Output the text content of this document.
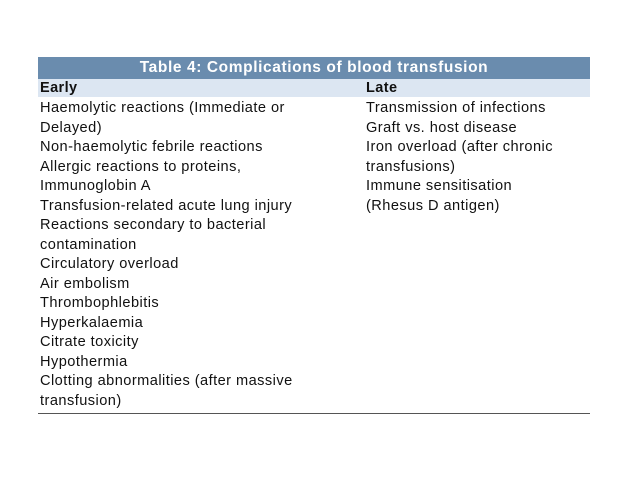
Table 4: Complications of blood transfusion
Early	Late
Haemolytic reactions (Immediate or
Delayed)
Non-haemolytic febrile reactions
Allergic reactions to proteins,
Immunoglobin A
Transfusion-related acute lung injury
Reactions secondary to bacterial
contamination
Circulatory overload
Air embolism
Thrombophlebitis
Hyperkalaemia
Citrate toxicity
Hypothermia
Clotting abnormalities (after massive
transfusion)
Transmission of infections
Graft vs. host disease
Iron overload (after chronic
transfusions)
Immune sensitisation
(Rhesus D antigen)
